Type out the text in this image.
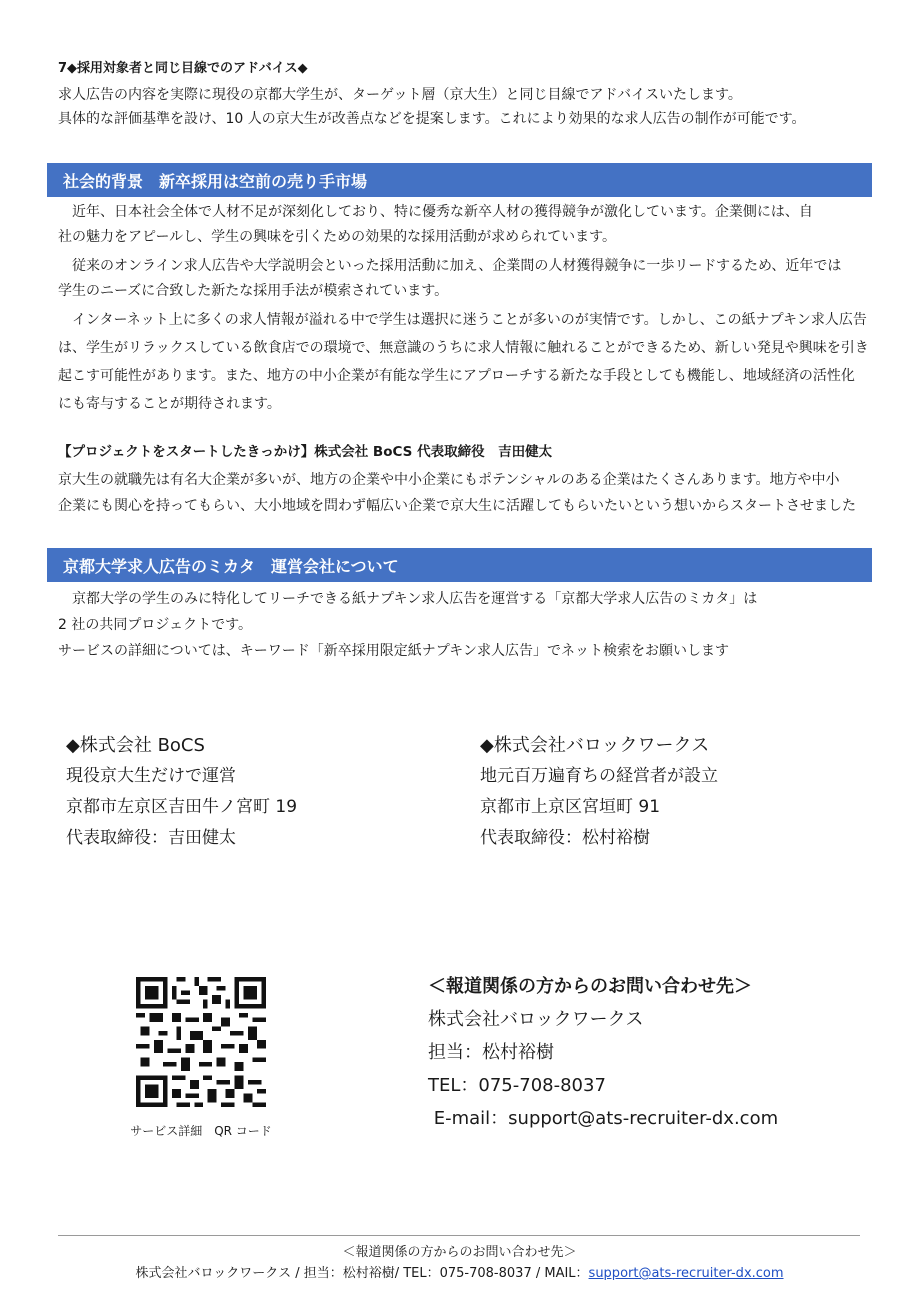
7◆採用対象者と同じ目線でのアドバイス◆
求人広告の内容を実際に現役の京都大学生が、ターゲット層（京大生）と同じ目線でアドバイスいたします。
具体的な評価基準を設け、10 人の京大生が改善点などを提案します。これにより効果的な求人広告の制作が可能です。
社会的背景　新卒採用は空前の売り手市場
　近年、日本社会全体で人材不足が深刻化しており、特に優秀な新卒人材の獲得競争が激化しています。企業側には、自
社の魅力をアピールし、学生の興味を引くための効果的な採用活動が求められています。
　従来のオンライン求人広告や大学説明会といった採用活動に加え、企業間の人材獲得競争に一歩リードするため、近年では
学生のニーズに合致した新たな採用手法が模索されています。
　インターネット上に多くの求人情報が溢れる中で学生は選択に迷うことが多いのが実情です。しかし、この紙ナプキン求人広告
は、学生がリラックスしている飲食店での環境で、無意識のうちに求人情報に触れることができるため、新しい発見や興味を引き
起こす可能性があります。また、地方の中小企業が有能な学生にアプローチする新たな手段としても機能し、地域経済の活性化
にも寄与することが期待されます。
【プロジェクトをスタートしたきっかけ】株式会社 BoCS 代表取締役　吉田健太
京大生の就職先は有名大企業が多いが、地方の企業や中小企業にもポテンシャルのある企業はたくさんあります。地方や中小
企業にも関心を持ってもらい、大小地域を問わず幅広い企業で京大生に活躍してもらいたいという想いからスタートさせました
京都大学求人広告のミカタ　運営会社について
　京都大学の学生のみに特化してリーチできる紙ナプキン求人広告を運営する「京都大学求人広告のミカタ」は
2 社の共同プロジェクトです。
サービスの詳細については、キーワード「新卒採用限定紙ナプキン求人広告」でネット検索をお願いします
◆株式会社 BoCS
現役京大生だけで運営
京都市左京区吉田牛ノ宮町 19
代表取締役：吉田健太
◆株式会社バロックワークス
地元百万遍育ちの経営者が設立
京都市上京区宮垣町 91
代表取締役：松村裕樹
サービス詳細　QR コード
＜報道関係の方からのお問い合わせ先＞
株式会社バロックワークス
担当：松村裕樹
TEL：075-708-8037
E-mail：support@ats-recruiter-dx.com
＜報道関係の方からのお問い合わせ先＞
株式会社バロックワークス / 担当：松村裕樹/ TEL：075-708-8037 / MAIL：support@ats-recruiter-dx.com
